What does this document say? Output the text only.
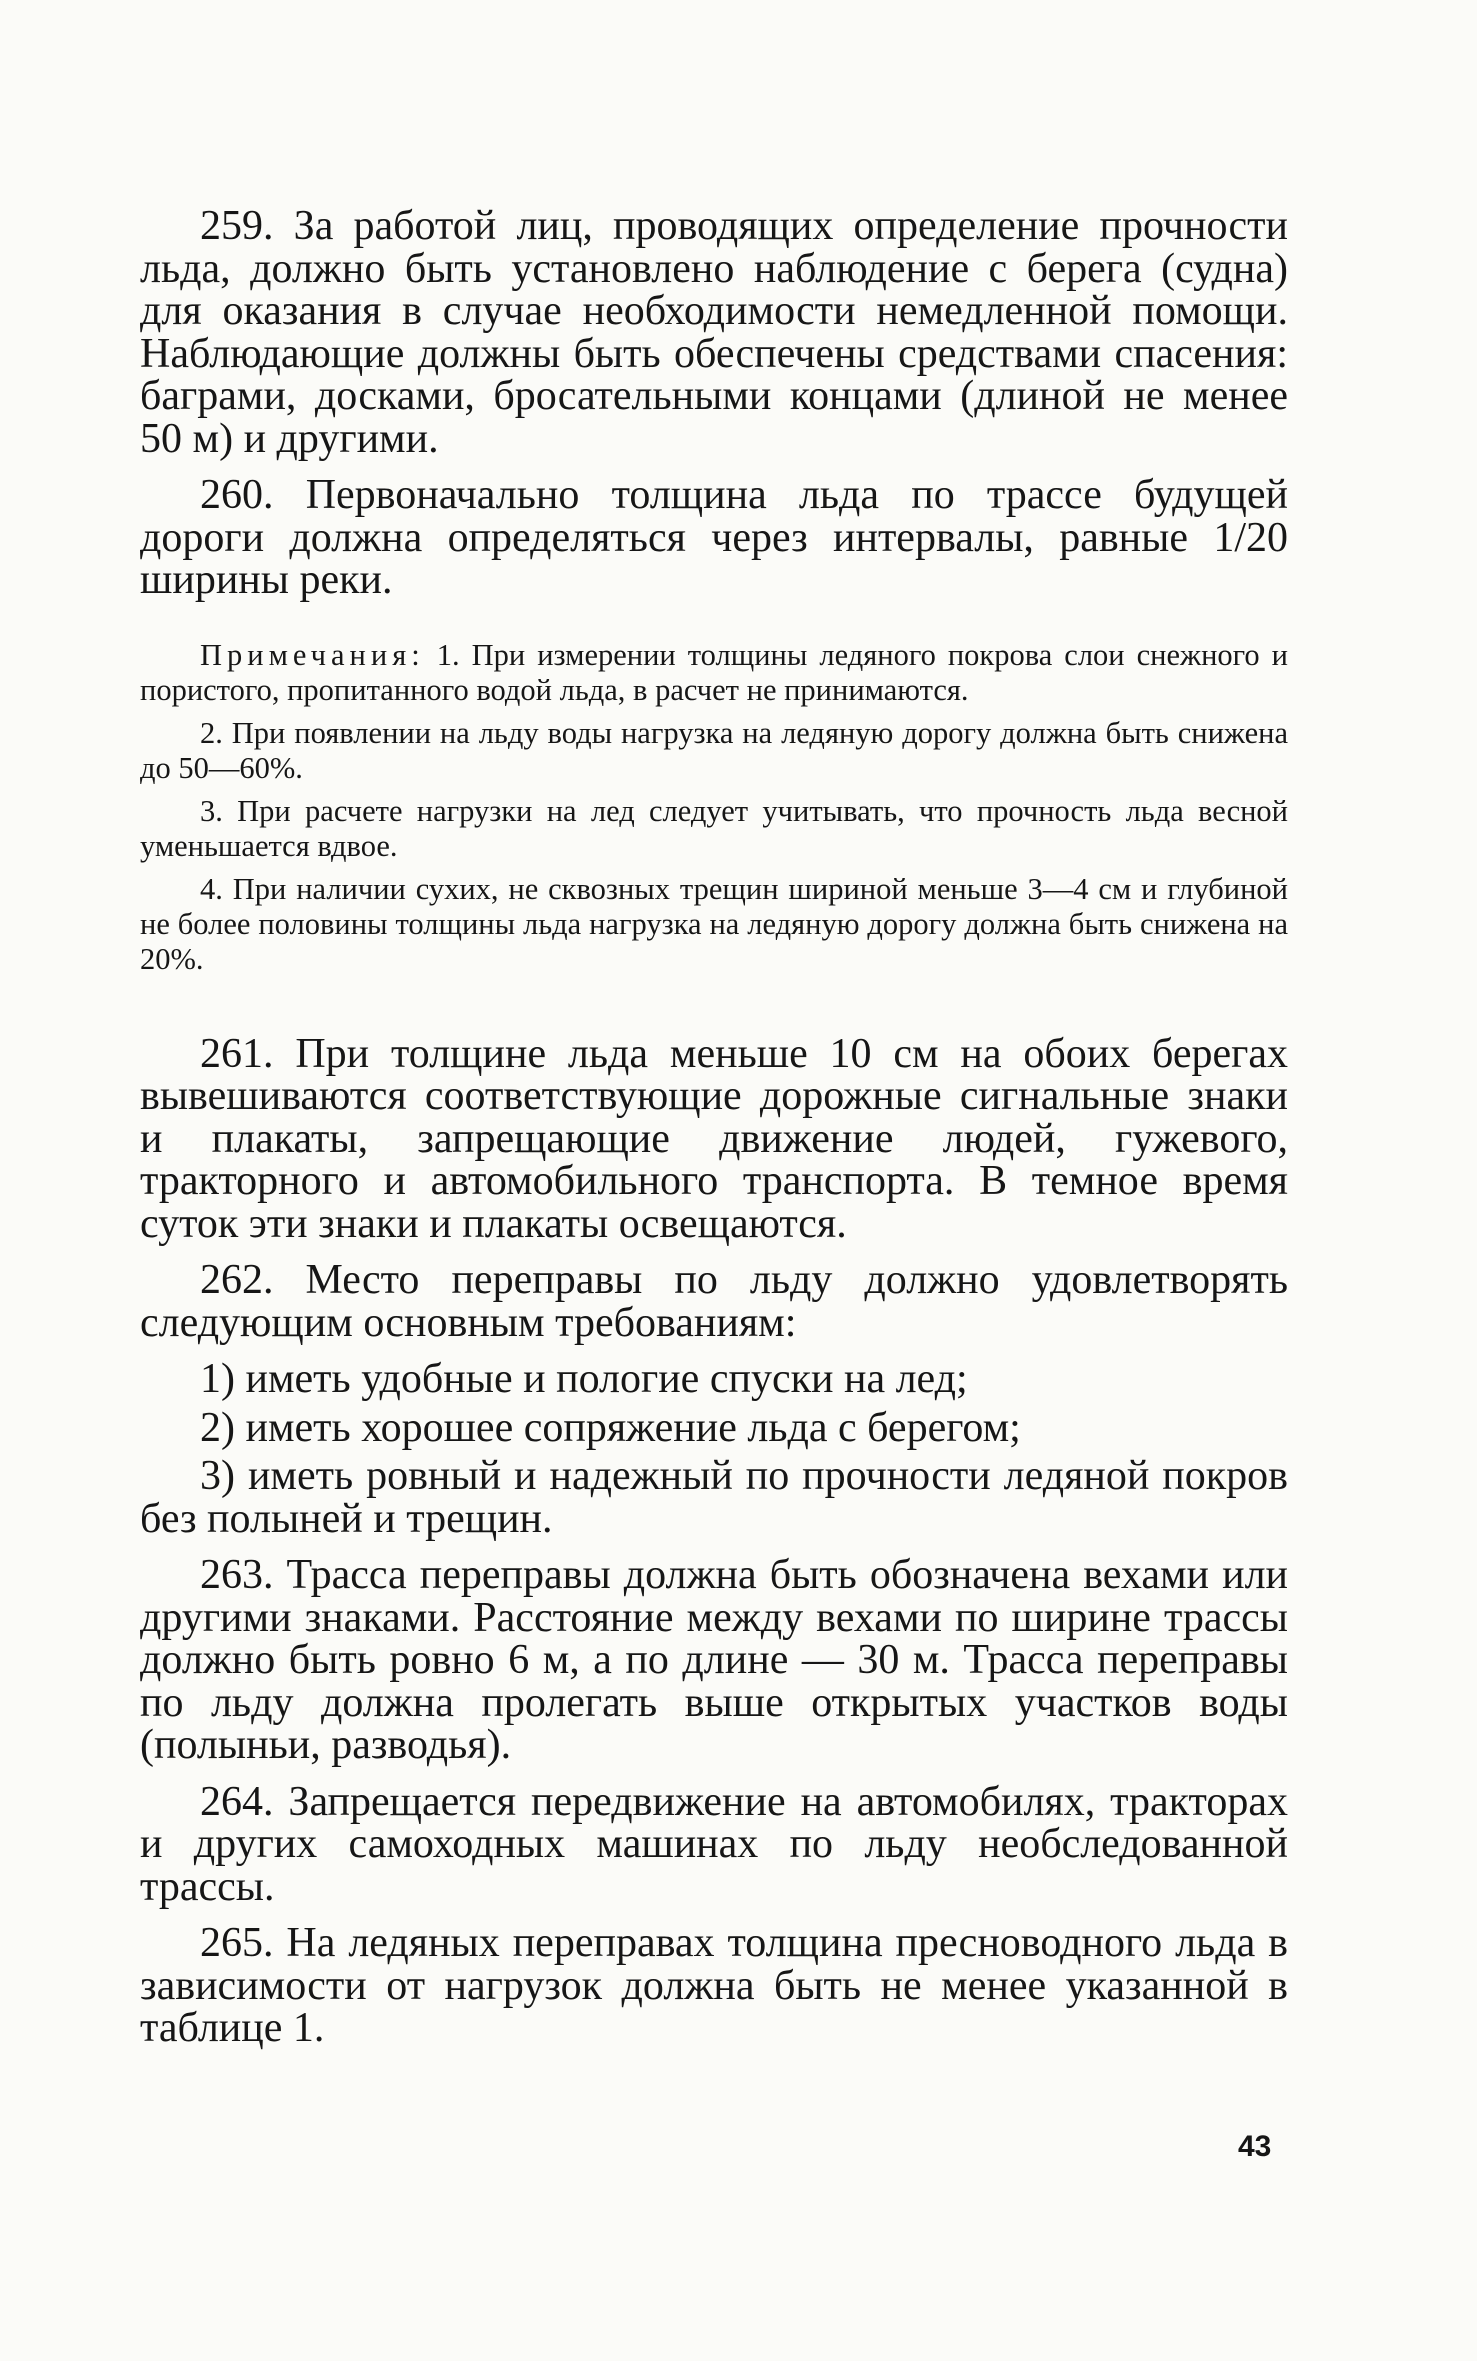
259. За работой лиц, проводящих определение прочности льда, должно быть установлено наблюдение с берега (судна) для оказания в случае необходимости немедленной помощи. Наблюдающие должны быть обеспечены средствами спасения: баграми, досками, бросательными концами (длиной не менее 50 м) и другими.

260. Первоначально толщина льда по трассе будущей дороги должна определяться через интервалы, равные 1/20 ширины реки.

Примечания: 1. При измерении толщины ледяного покрова слои снежного и пористого, пропитанного водой льда, в расчет не принимаются.

2. При появлении на льду воды нагрузка на ледяную дорогу должна быть снижена до 50—60%.

3. При расчете нагрузки на лед следует учитывать, что прочность льда весной уменьшается вдвое.

4. При наличии сухих, не сквозных трещин шириной меньше 3—4 см и глубиной не более половины толщины льда нагрузка на ледяную дорогу должна быть снижена на 20%.

261. При толщине льда меньше 10 см на обоих берегах вывешиваются соответствующие дорожные сигнальные знаки и плакаты, запрещающие движение людей, гужевого, тракторного и автомобильного транспорта. В темное время суток эти знаки и плакаты освещаются.

262. Место переправы по льду должно удовлетворять следующим основным требованиям:

1) иметь удобные и пологие спуски на лед;

2) иметь хорошее сопряжение льда с берегом;

3) иметь ровный и надежный по прочности ледяной покров без полыней и трещин.

263. Трасса переправы должна быть обозначена вехами или другими знаками. Расстояние между вехами по ширине трассы должно быть ровно 6 м, а по длине — 30 м. Трасса переправы по льду должна пролегать выше открытых участков воды (полыньи, разводья).

264. Запрещается передвижение на автомобилях, тракторах и других самоходных машинах по льду необследованной трассы.

265. На ледяных переправах толщина пресноводного льда в зависимости от нагрузок должна быть не менее указанной в таблице 1.

43
